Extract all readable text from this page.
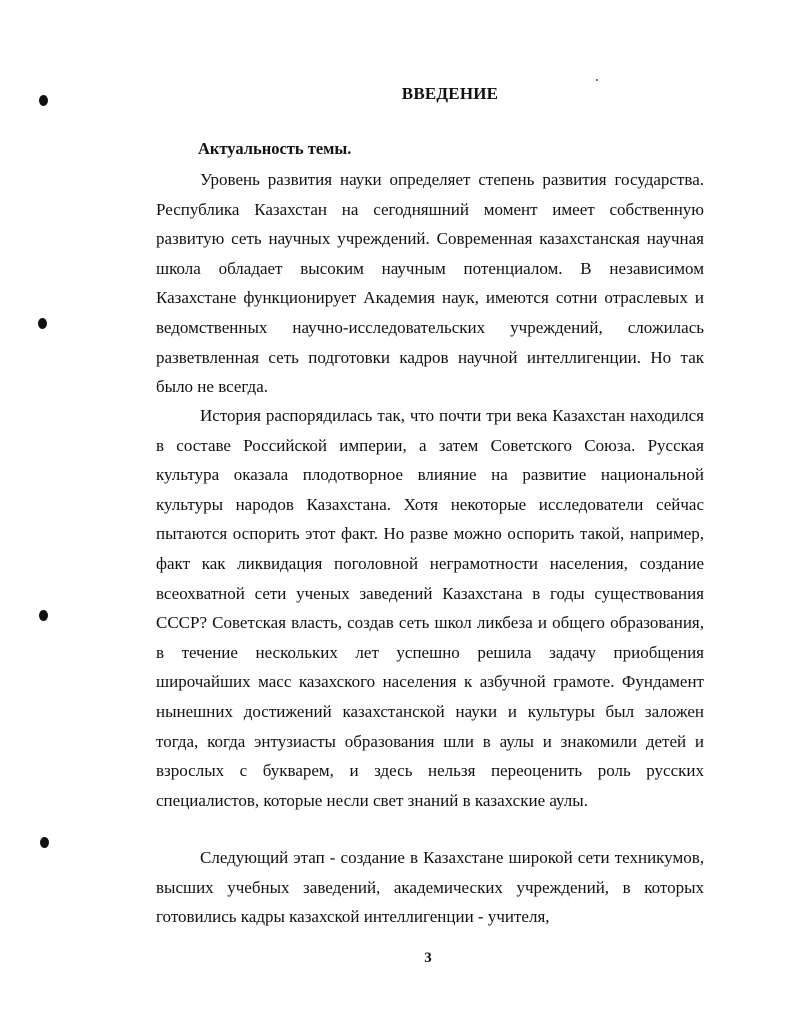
ВВЕДЕНИЕ
Актуальность темы.

Уровень развития науки определяет степень развития государства. Республика Казахстан на сегодняшний момент имеет собственную развитую сеть научных учреждений. Современная казахстанская научная школа обладает высоким научным потенциалом. В независимом Казахстане функционирует Академия наук, имеются сотни отраслевых и ведомственных научно-исследовательских учреждений, сложилась разветвленная сеть подготовки кадров научной интеллигенции. Но так было не всегда.

История распорядилась так, что почти три века Казахстан находился в составе Российской империи, а затем Советского Союза. Русская культура оказала плодотворное влияние на развитие национальной культуры народов Казахстана. Хотя некоторые исследователи сейчас пытаются оспорить этот факт. Но разве можно оспорить такой, например, факт как ликвидация поголовной неграмотности населения, создание всеохватной сети ученых заведений Казахстана в годы существования СССР? Советская власть, создав сеть школ ликбеза и общего образования, в течение нескольких лет успешно решила задачу приобщения широчайших масс казахского населения к азбучной грамоте. Фундамент нынешних достижений казахстанской науки и культуры был заложен тогда, когда энтузиасты образования шли в аулы и знакомили детей и взрослых с букварем, и здесь нельзя переоценить роль русских специалистов, которые несли свет знаний в казахские аулы.

Следующий этап - создание в Казахстане широкой сети техникумов, высших учебных заведений, академических учреждений, в которых готовились кадры казахской интеллигенции - учителя,

3
